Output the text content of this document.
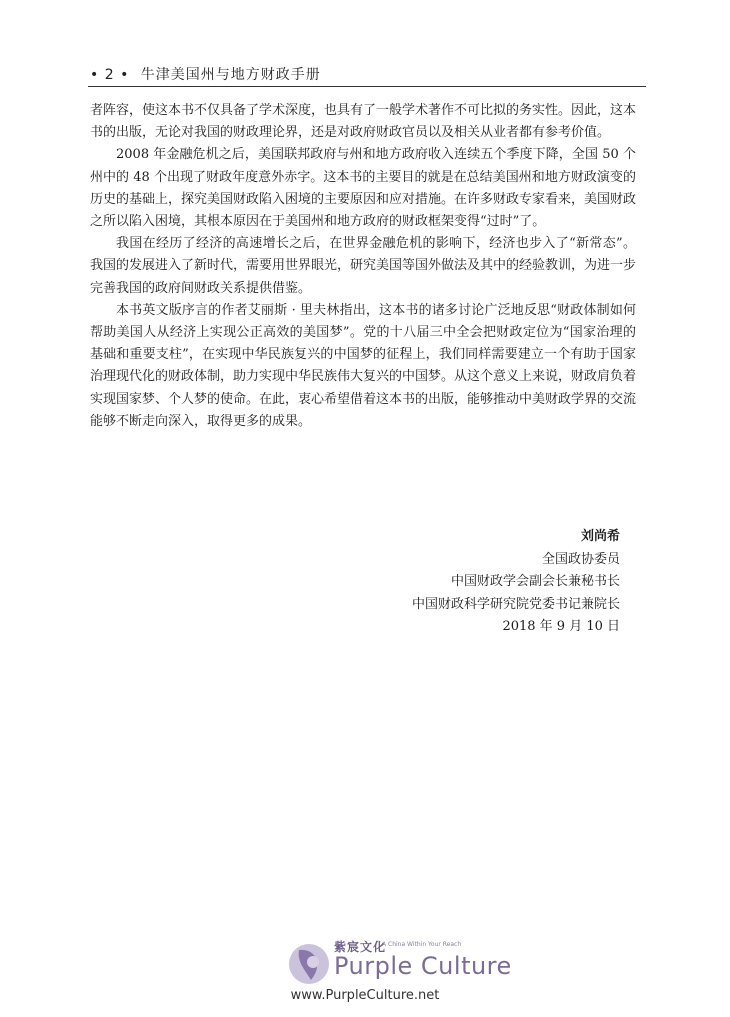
• 2 • 牛津美国州与地方财政手册

者阵容，使这本书不仅具备了学术深度，也具有了一般学术著作不可比拟的务实性。因此，这本书的出版，无论对我国的财政理论界，还是对政府财政官员以及相关从业者都有参考价值。

2008 年金融危机之后，美国联邦政府与州和地方政府收入连续五个季度下降，全国 50 个州中的 48 个出现了财政年度意外赤字。这本书的主要目的就是在总结美国州和地方财政演变的历史的基础上，探究美国财政陷入困境的主要原因和应对措施。在许多财政专家看来，美国财政之所以陷入困境，其根本原因在于美国州和地方政府的财政框架变得“过时”了。

我国在经历了经济的高速增长之后，在世界金融危机的影响下，经济也步入了“新常态”。我国的发展进入了新时代，需要用世界眼光，研究美国等国外做法及其中的经验教训，为进一步完善我国的政府间财政关系提供借鉴。

本书英文版序言的作者艾丽斯 · 里夫林指出，这本书的诸多讨论广泛地反思“财政体制如何帮助美国人从经济上实现公正高效的美国梦”。党的十八届三中全会把财政定位为“国家治理的基础和重要支柱”，在实现中华民族复兴的中国梦的征程上，我们同样需要建立一个有助于国家治理现代化的财政体制，助力实现中华民族伟大复兴的中国梦。从这个意义上来说，财政肩负着实现国家梦、个人梦的使命。在此，衷心希望借着这本书的出版，能够推动中美财政学界的交流能够不断走向深入，取得更多的成果。

刘尚希
全国政协委员
中国财政学会副会长兼秘书长
中国财政科学研究院党委书记兼院长
2018 年 9 月 10 日
紫宸文化
A China Within Your Reach
Purple Culture
www.PurpleCulture.net
